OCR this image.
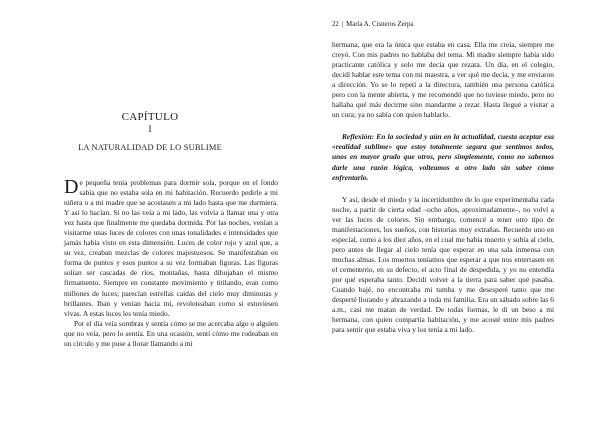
CAPÍTULO
I
LA NATURALIDAD DE LO SUBLIME

De pequeña tenía problemas para dormir sola, porque en el fondo sabía que no estaba sola en mi habitación. Recuerdo pedirle a mi niñera o a mi madre que se acostasen a mi lado hasta que me durmiera. Y así lo hacían. Si no las veía a mi lado, las volvía a llamar una y otra vez hasta que finalmente me quedaba dormida. Por las noches, venían a visitarme unas luces de colores con unas tonalidades e intensidades que jamás había visto en esta dimensión. Luces de color rojo y azul que, a su vez, creaban mezclas de colores majestuosos. Se manifestaban en forma de puntos y esos puntos a su vez formaban figuras. Las figuras solían ser cascadas de ríos, montañas, hasta dibujaban el mismo firmamento. Siempre en constante movimiento y titilando, eran como millones de luces; parecían estrellas caídas del cielo muy diminutas y brillantes. Iban y venían hacia mí, revoloteaban como si estuviesen vivas. A estas luces les tenía miedo.

Por el día veía sombras y sentía cómo se me acercaba algo o alguien que no veía, pero lo sentía. En una ocasión, sentí cómo me rodeaban en un círculo y me puse a llorar llamando a mi

22 | María A. Cisneros Zerpa

hermana, que era la única que estaba en casa. Ella me creía, siempre me creyó. Con mis padres no hablaba del tema. Mi madre siempre había sido practicante católica y solo me decía que rezara. Un día, en el colegio, decidí hablar este tema con mi maestra, a ver qué me decía, y me enviaron a dirección. Yo se lo repetí a la directora, también una persona católica pero con la mente abierta, y me recomendó que no tuviese miedo, pero no hallaba qué más decirme sino mandarme a rezar. Hasta llegué a visitar a un cura; ya no sabía con quien hablarlo.

Reflexión: En la sociedad y aún en la actualidad, cuesta aceptar esa «realidad sublime» que estoy totalmente segura que sentimos todos, unos en mayor grado que otros, pero simplemente, como no sabemos darle una razón lógica, volteamos a otro lado sin saber cómo enfrentarlo.

Y así, desde el miedo y la incertidumbre de lo que experimentaba cada noche, a partir de cierta edad –ocho años, aproximadamente–, no volví a ver las luces de colores. Sin embargo, comencé a tener otro tipo de manifestaciones, los sueños, con historias muy extrañas. Recuerdo uno en especial, como a los diez años, en el cual me había muerto y subía al cielo, pero antes de llegar al cielo tenía que esperar en una sala inmensa con muchas almas. Los muertos teníamos que esperar a que nos enterrasen en el cementerio, en su defecto, el acto final de despedida, y yo no entendía por qué esperaba tanto. Decidí volver a la tierra para saber qué pasaba. Cuando bajé, no encontraba mi tumba y me desesperé tanto que me desperté llorando y abrazando a toda mi familia. Era un sábado sobre las 6 a.m., casi me matan de verdad. De todas formas, le di un beso a mi hermana, con quien compartía habitación, y me acosté entre mis padres para sentir que estaba viva y los tenía a mi lado.
